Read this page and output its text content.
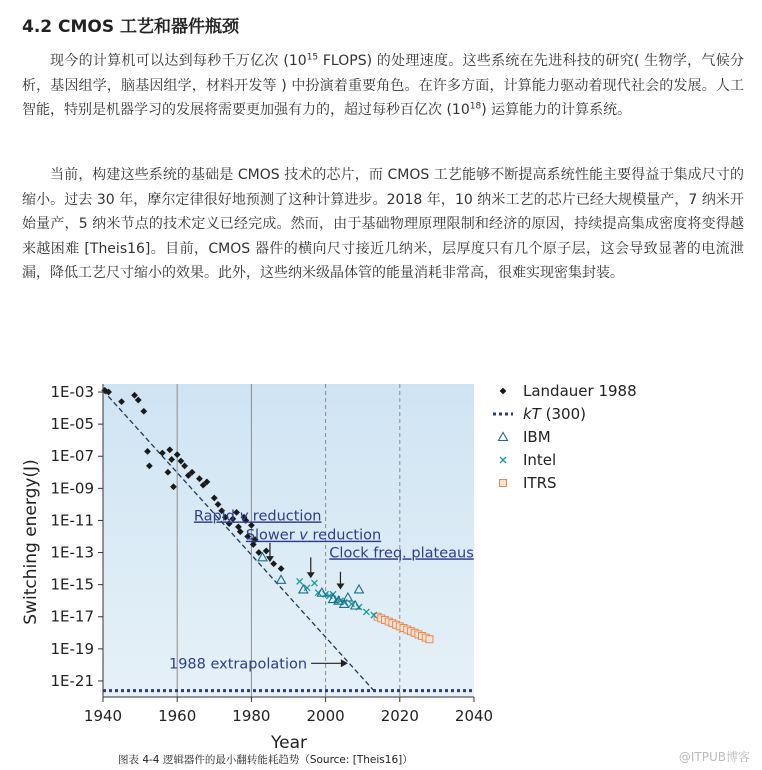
4.2 CMOS 工艺和器件瓶颈
现今的计算机可以达到每秒千万亿次 ($10^{15}$ FLOPS) 的处理速度。这些系统在先进科技的研究( 生物学，气候分析，基因组学，脑基因组学，材料开发等 ) 中扮演着重要角色。在许多方面，计算能力驱动着现代社会的发展。人工智能，特别是机器学习的发展将需要更加强有力的，超过每秒百亿次 $(10^{18})$ 运算能力的计算系统。
当前，构建这些系统的基础是 CMOS 技术的芯片，而 CMOS 工艺能够不断提高系统性能主要得益于集成尺寸的缩小。过去 30 年，摩尔定律很好地预测了这种计算进步。2018 年，10 纳米工艺的芯片已经大规模量产，7 纳米开始量产，5 纳米节点的技术定义已经完成。然而，由于基础物理原理限制和经济的原因，持续提高集成密度将变得越来越困难 [Theis16]。目前，CMOS 器件的横向尺寸接近几纳米，层厚度只有几个原子层，这会导致显著的电流泄漏，降低工艺尺寸缩小的效果。此外，这些纳米级晶体管的能量消耗非常高，很难实现密集封装。
Rapid v reduction
Slower v reduction
Clock freq. plateaus
1988 extrapolation
1E-03
1E-05
1E-07
1E-09
1E-11
1E-13
1E-15
1E-17
1E-19
1E-21
1940 1960 1980 2000 2020 2040
Year
Switching energy(J)
Landauer 1988
kT (300)
IBM
Intel
ITRS
图表 4-4 逻辑器件的最小翻转能耗趋势（Source: [Theis16]）	@ITPUB博客
